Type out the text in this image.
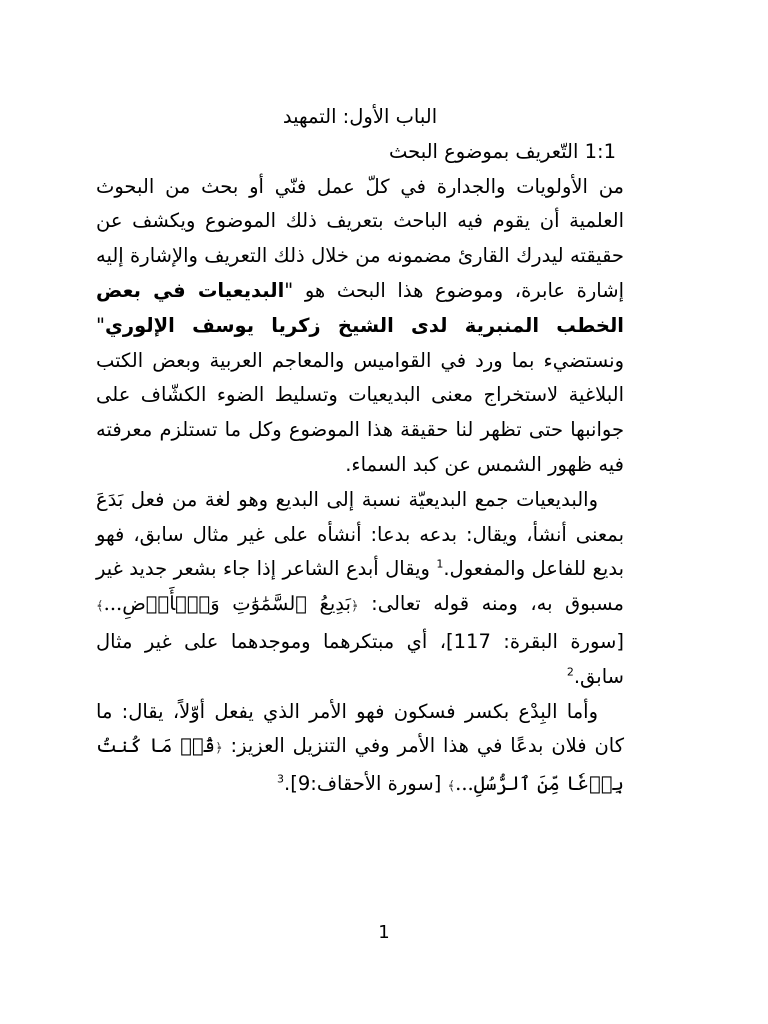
الباب الأول: التمهيد
1:1 التّعريف بموضوع البحث

من الأولويات والجدارة في كلّ عمل فنّي أو بحث من البحوث العلمية أن يقوم فيه الباحث بتعريف ذلك الموضوع ويكشف عن حقيقته ليدرك القارئ مضمونه من خلال ذلك التعريف والإشارة إليه إشارة عابرة، وموضوع هذا البحث هو "البديعيات في بعض الخطب المنبرية لدى الشيخ زكريا يوسف الإلوري" ونستضيء بما ورد في القواميس والمعاجم العربية وبعض الكتب البلاغية لاستخراج معنى البديعيات وتسليط الضوء الكشّاف على جوانبها حتى تظهر لنا حقيقة هذا الموضوع وكل ما تستلزم معرفته فيه ظهور الشمس عن كبد السماء.

والبديعيات جمع البديعيّة نسبة إلى البديع وهو لغة من فعل بَدَعَ بمعنى أنشأ، ويقال: بدعه بدعا: أنشأه على غير مثال سابق، فهو بديع للفاعل والمفعول.$^1$ ويقال أبدع الشاعر إذا جاء بشعر جديد غير مسبوق به، ومنه قوله تعالى: ﴿بَدِيعُ ٱلسَّمَٰوَٰتِ وَٱلۡأَرۡضِ...﴾ [سورة البقرة: 117]، أي مبتكرهما وموجدهما على غير مثال سابق.$^2$

وأما البِدْع بكسر فسكون فهو الأمر الذي يفعل أوّلاً، يقال: ما كان فلان بدعًا في هذا الأمر وفي التنزيل العزيز: ﴿قُلۡ مَا كُنتُ بِدۡعٗا مِّنَ ٱلرُّسُلِ...﴾ [سورة الأحقاف:9].$^3$

1
